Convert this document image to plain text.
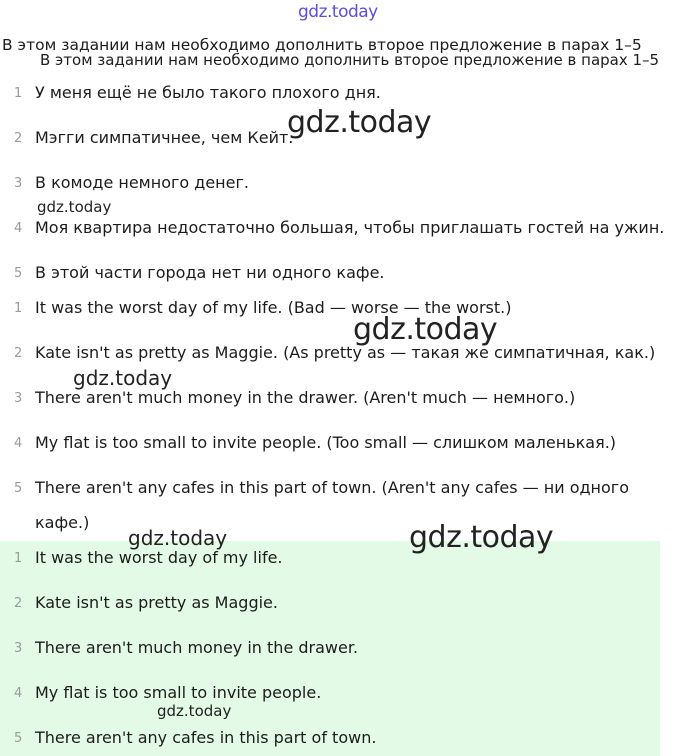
gdz.today
В этом задании нам необходимо дополнить второе предложение в парах 1–5
В этом задании нам необходимо дополнить второе предложение в парах 1–5
1 У меня ещё не было такого плохого дня.
2 Мэгги симпатичнее, чем Кейт.
3 В комоде немного денег.
4 Моя квартира недостаточно большая, чтобы приглашать гостей на ужин.
5 В этой части города нет ни одного кафе.
1 It was the worst day of my life. (Bad — worse — the worst.)
2 Kate isn't as pretty as Maggie. (As pretty as — такая же симпатичная, как.)
3 There aren't much money in the drawer. (Aren't much — немного.)
4 My flat is too small to invite people. (Too small — слишком маленькая.)
5 There aren't any cafes in this part of town. (Aren't any cafes — ни одного
кафе.)
1 It was the worst day of my life.
2 Kate isn't as pretty as Maggie.
3 There aren't much money in the drawer.
4 My flat is too small to invite people.
5 There aren't any cafes in this part of town.
gdz.today
gdz.today
gdz.today
gdz.today
gdz.today	gdz.today
gdz.today
